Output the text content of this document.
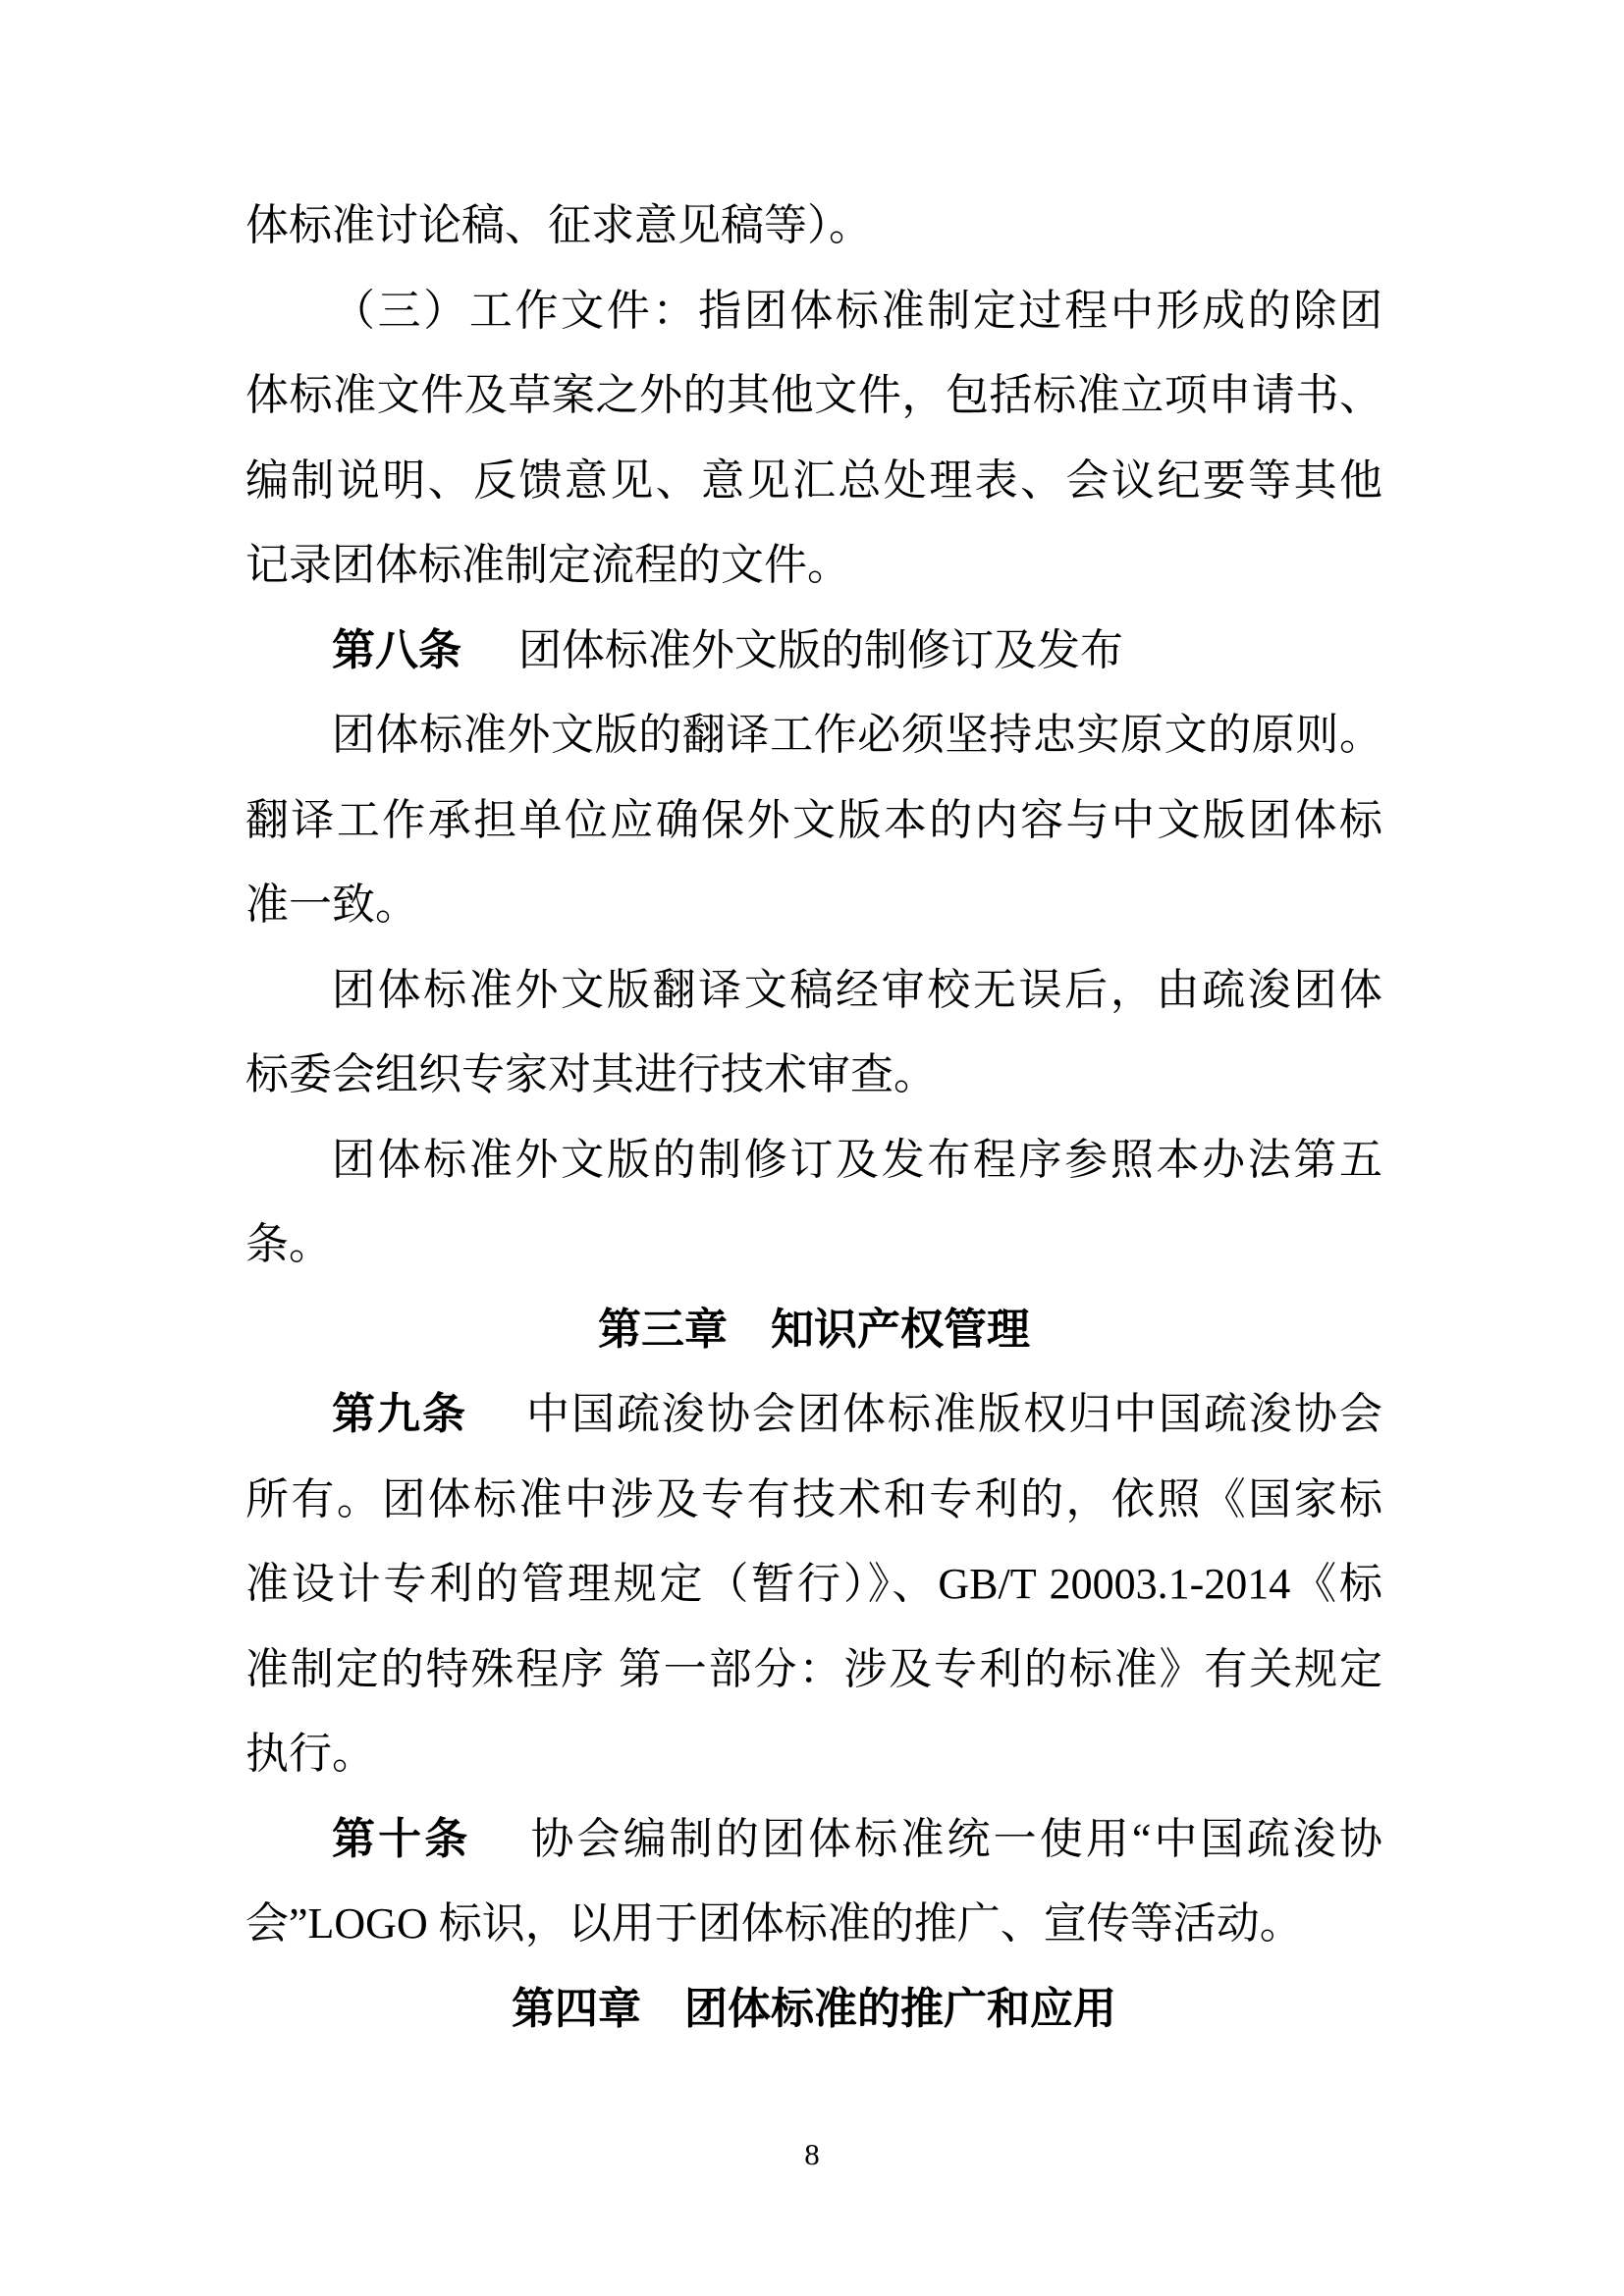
体标准讨论稿、征求意见稿等）。
（三）工作文件：指团体标准制定过程中形成的除团
体标准文件及草案之外的其他文件，包括标准立项申请书、
编制说明、反馈意见、意见汇总处理表、会议纪要等其他
记录团体标准制定流程的文件。
第八条　团体标准外文版的制修订及发布
团体标准外文版的翻译工作必须坚持忠实原文的原则。
翻译工作承担单位应确保外文版本的内容与中文版团体标
准一致。
团体标准外文版翻译文稿经审校无误后，由疏浚团体
标委会组织专家对其进行技术审查。
团体标准外文版的制修订及发布程序参照本办法第五
条。
第三章　知识产权管理
第九条　中国疏浚协会团体标准版权归中国疏浚协会
所有。团体标准中涉及专有技术和专利的，依照《国家标
准设计专利的管理规定（暂行）》、GB/T 20003.1-2014《标
准制定的特殊程序 第一部分：涉及专利的标准》有关规定
执行。
第十条　协会编制的团体标准统一使用“中国疏浚协
会”LOGO 标识，以用于团体标准的推广、宣传等活动。
第四章　团体标准的推广和应用
8
